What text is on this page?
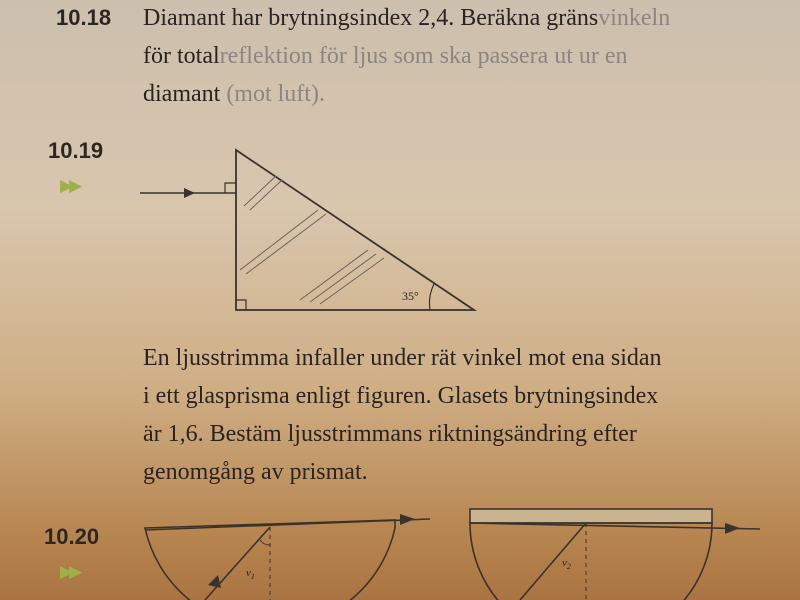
10.18 Diamant har brytningsindex 2,4. Beräkna gränsvinkeln
för totalreflektion för ljus som ska passera ut ur en
diamant (mot luft).
10.19
▶▶
35°
$v_1$
$v_2$
En ljusstrimma infaller under rät vinkel mot ena sidan
i ett glasprisma enligt figuren. Glasets brytningsindex
är 1,6. Bestäm ljusstrimmans riktningsändring efter
genomgång av prismat.
10.20
▶▶
